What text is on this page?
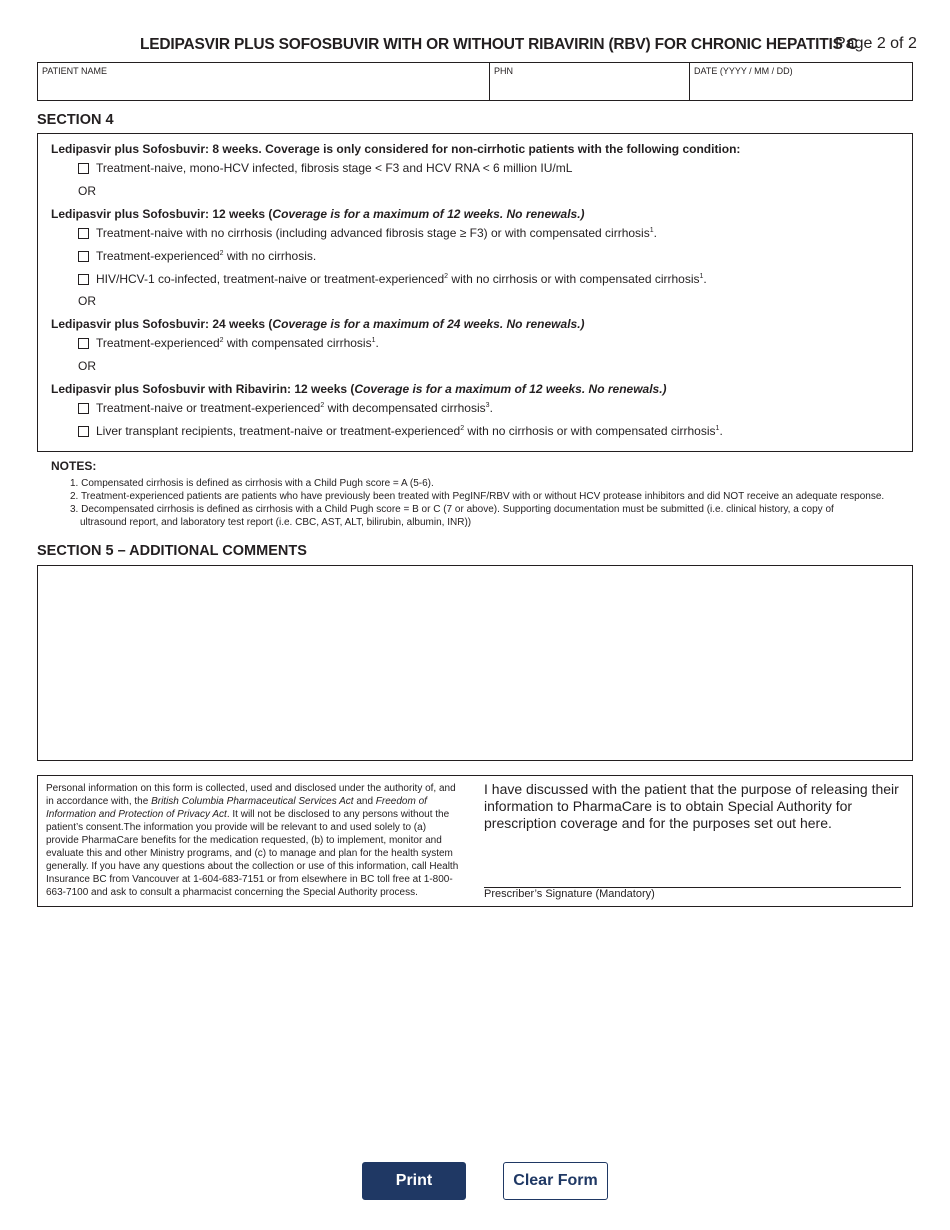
LEDIPASVIR PLUS SOFOSBUVIR WITH OR WITHOUT RIBAVIRIN (RBV) FOR CHRONIC HEPATITIS C
Page 2 of 2
PATIENT NAME	PHN	DATE (YYYY / MM / DD)
SECTION 4
Ledipasvir plus Sofosbuvir: 8 weeks. Coverage is only considered for non-cirrhotic patients with the following condition:
Treatment-naive, mono-HCV infected, fibrosis stage < F3 and HCV RNA < 6 million IU/mL
OR
Ledipasvir plus Sofosbuvir: 12 weeks (Coverage is for a maximum of 12 weeks. No renewals.)
Treatment-naive with no cirrhosis (including advanced fibrosis stage ≥ F3) or with compensated cirrhosis$^1$.
Treatment-experienced$^2$ with no cirrhosis.
HIV/HCV-1 co-infected, treatment-naive or treatment-experienced$^2$ with no cirrhosis or with compensated cirrhosis$^1$.
OR
Ledipasvir plus Sofosbuvir: 24 weeks (Coverage is for a maximum of 24 weeks. No renewals.)
Treatment-experienced$^2$ with compensated cirrhosis$^1$.
OR
Ledipasvir plus Sofosbuvir with Ribavirin: 12 weeks (Coverage is for a maximum of 12 weeks. No renewals.)
Treatment-naive or treatment-experienced$^2$ with decompensated cirrhosis$^3$.
Liver transplant recipients, treatment-naive or treatment-experienced$^2$ with no cirrhosis or with compensated cirrhosis$^1$.
NOTES:
1. Compensated cirrhosis is defined as cirrhosis with a Child Pugh score = A (5-6).
2. Treatment-experienced patients are patients who have previously been treated with PegINF/RBV with or without HCV protease inhibitors and did NOT receive an adequate response.
3. Decompensated cirrhosis is defined as cirrhosis with a Child Pugh score = B or C (7 or above). Supporting documentation must be submitted (i.e. clinical history, a copy of
ultrasound report, and laboratory test report (i.e. CBC, AST, ALT, bilirubin, albumin, INR))
SECTION 5 – ADDITIONAL COMMENTS
Personal information on this form is collected, used and disclosed under the authority of, and in accordance with, the British Columbia Pharmaceutical Services Act and Freedom of Information and Protection of Privacy Act. It will not be disclosed to any persons without the patient’s consent.The information you provide will be relevant to and used solely to (a) provide PharmaCare benefits for the medication requested, (b) to implement, monitor and evaluate this and other Ministry programs, and (c) to manage and plan for the health system generally. If you have any questions about the collection or use of this information, call Health Insurance BC from Vancouver at 1-604-683-7151 or from elsewhere in BC toll free at 1-800-663-7100 and ask to consult a pharmacist concerning the Special Authority process.
I have discussed with the patient that the purpose of releasing their information to PharmaCare is to obtain Special Authority for prescription coverage and for the purposes set out here.
Prescriber’s Signature (Mandatory)
Print	Clear Form
